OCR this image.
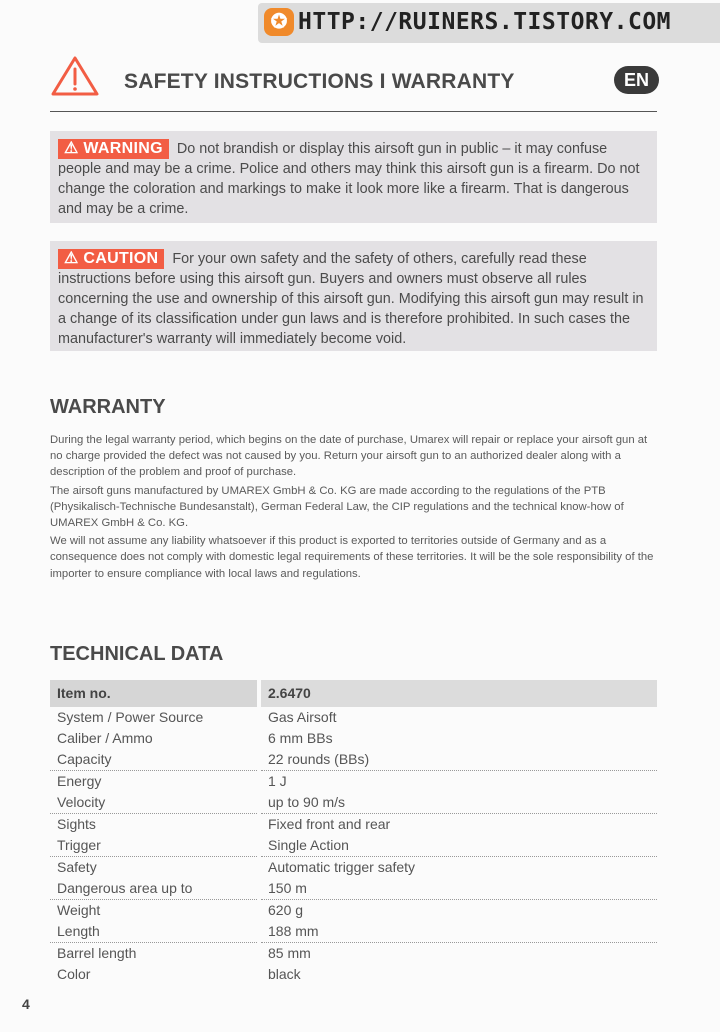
✪ HTTP://RUINERS.TISTORY.COM
SAFETY INSTRUCTIONS I WARRANTY	EN
⚠ WARNING Do not brandish or display this airsoft gun in public – it may confuse people and may be a crime. Police and others may think this airsoft gun is a firearm. Do not change the coloration and markings to make it look more like a firearm. That is dangerous and may be a crime.
⚠ CAUTION For your own safety and the safety of others, carefully read these instructions before using this airsoft gun. Buyers and owners must observe all rules concerning the use and ownership of this airsoft gun. Modifying this airsoft gun may result in a change of its classification under gun laws and is therefore prohibited. In such cases the manufacturer's warranty will immediately become void.
WARRANTY

During the legal warranty period, which begins on the date of purchase, Umarex will repair or replace your airsoft gun at no charge provided the defect was not caused by you. Return your airsoft gun to an authorized dealer along with a description of the problem and proof of purchase.

The airsoft guns manufactured by UMAREX GmbH & Co. KG are made according to the regulations of the PTB (Physikalisch-Technische Bundesanstalt), German Federal Law, the CIP regulations and the technical know-how of UMAREX GmbH & Co. KG.

We will not assume any liability whatsoever if this product is exported to territories outside of Germany and as a consequence does not comply with domestic legal requirements of these territories. It will be the sole responsibility of the importer to ensure compliance with local laws and regulations.

TECHNICAL DATA
Item no.	2.6470
System / Power Source	Gas Airsoft
Caliber / Ammo	6 mm BBs
Capacity	22 rounds (BBs)
Energy	1 J
Velocity	up to 90 m/s
Sights	Fixed front and rear
Trigger	Single Action
Safety	Automatic trigger safety
Dangerous area up to	150 m
Weight	620 g
Length	188 mm
Barrel length	85 mm
Color	black
4
